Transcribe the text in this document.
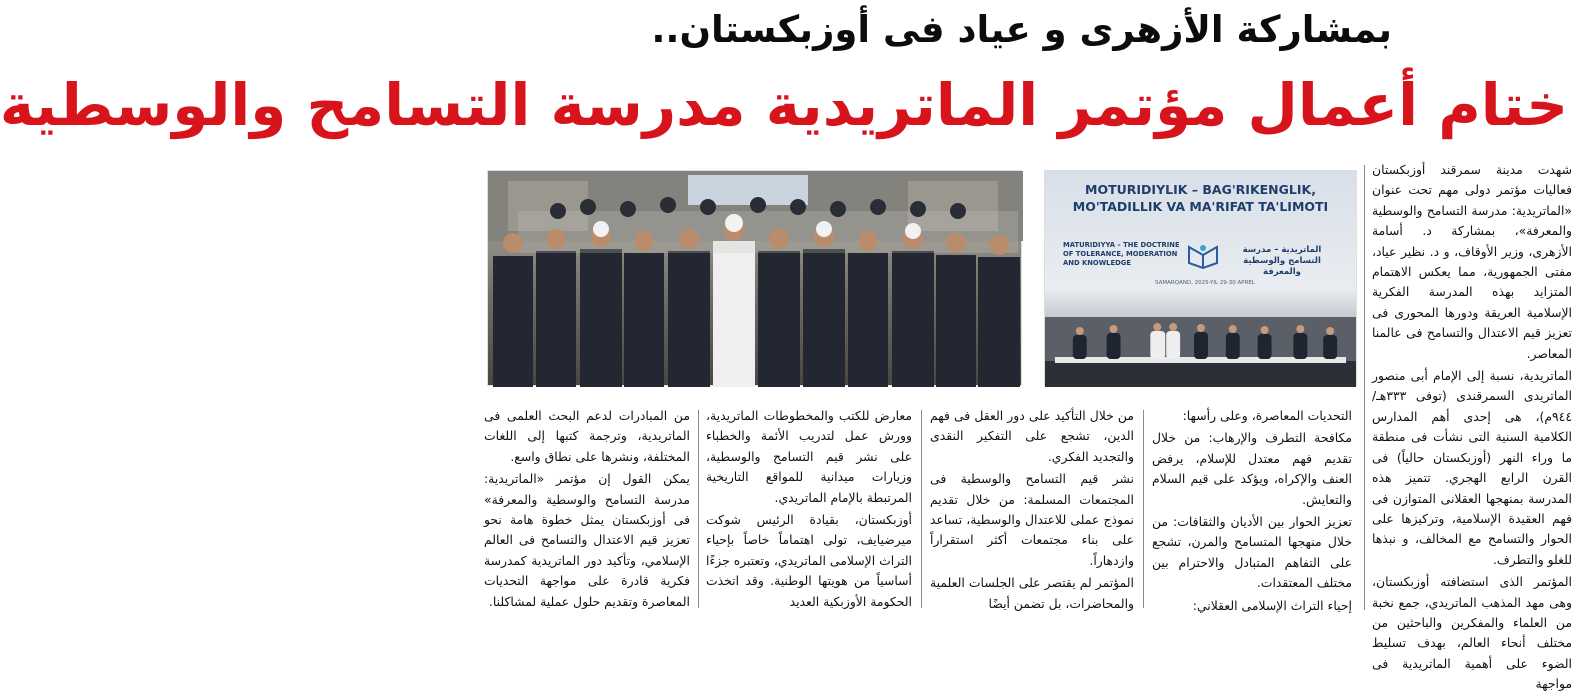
بمشاركة الأزهرى و عياد فى أوزبكستان..
ختام أعمال مؤتمر الماتريدية مدرسة التسامح والوسطية

شهدت مدينة سمرقند أوزبكستان فعاليات مؤتمر دولى مهم تحت عنوان «الماتريدية: مدرسة التسامح والوسطية والمعرفة»، بمشاركة د. أسامة الأزهرى، وزير الأوقاف، و د. نظير عياد، مفتى الجمهورية، مما يعكس الاهتمام المتزايد بهذه المدرسة الفكرية الإسلامية العريقة ودورها المحورى فى تعزيز قيم الاعتدال والتسامح فى عالمنا المعاصر.

الماتريدية، نسبة إلى الإمام أبى منصور الماتريدى السمرقندى (توفى ٣٣٣هـ/٩٤٤م)، هى إحدى أهم المدارس الكلامية السنية التى نشأت فى منطقة ما وراء النهر (أوزبكستان حالياً) فى القرن الرابع الهجري. تتميز هذه المدرسة بمنهجها العقلانى المتوازن فى فهم العقيدة الإسلامية، وتركيزها على الحوار والتسامح مع المخالف، و نبذها للغلو والتطرف.

المؤتمر الذى استضافته أوزبكستان، وهى مهد المذهب الماتريدي، جمع نخبة من العلماء والمفكرين والباحثين من مختلف أنحاء العالم، بهدف تسليط الضوء على أهمية الماتريدية فى مواجهة

MOTURIDIYLIK – BAG'RIKENGLIK, MO'TADILLIK VA MA'RIFAT TA'LIMOTI
MATURIDIYYA – THE DOCTRINE OF TOLERANCE, MODERATION AND KNOWLEDGE
الماتريدية – مدرسة التسامح والوسطية والمعرفة
SAMARQAND, 2025-YIL 29-30 APREL

التحديات المعاصرة، وعلى رأسها:

مكافحة التطرف والإرهاب: من خلال تقديم فهم معتدل للإسلام، يرفض العنف والإكراه، ويؤكد على قيم السلام والتعايش.

تعزيز الحوار بين الأديان والثقافات: من خلال منهجها المتسامح والمرن، تشجع على التفاهم المتبادل والاحترام بين مختلف المعتقدات.

إحياء التراث الإسلامى العقلاني:

من خلال التأكيد على دور العقل فى فهم الدين، تشجع على التفكير النقدى والتجديد الفكري.

نشر قيم التسامح والوسطية فى المجتمعات المسلمة: من خلال تقديم نموذج عملى للاعتدال والوسطية، تساعد على بناء مجتمعات أكثر استقراراً وازدهاراً.

المؤتمر لم يقتصر على الجلسات العلمية والمحاضرات، بل تضمن أيضًا

معارض للكتب والمخطوطات الماتريدية، وورش عمل لتدريب الأئمة والخطباء على نشر قيم التسامح والوسطية، وزيارات ميدانية للمواقع التاريخية المرتبطة بالإمام الماتريدي.

أوزبكستان، بقيادة الرئيس شوكت ميرضيايف، تولى اهتماماً خاصاً بإحياء التراث الإسلامى الماتريدي، وتعتبره جزءًا أساسياً من هويتها الوطنية. وقد اتخذت الحكومة الأوزبكية العديد

من المبادرات لدعم البحث العلمى فى الماتريدية، وترجمة كتبها إلى اللغات المختلفة، ونشرها على نطاق واسع.

يمكن القول إن مؤتمر «الماتريدية: مدرسة التسامح والوسطية والمعرفة» فى أوزبكستان يمثل خطوة هامة نحو تعزيز قيم الاعتدال والتسامح فى العالم الإسلامي، وتأكيد دور الماتريدية كمدرسة فكرية قادرة على مواجهة التحديات المعاصرة وتقديم حلول عملية لمشاكلنا.
